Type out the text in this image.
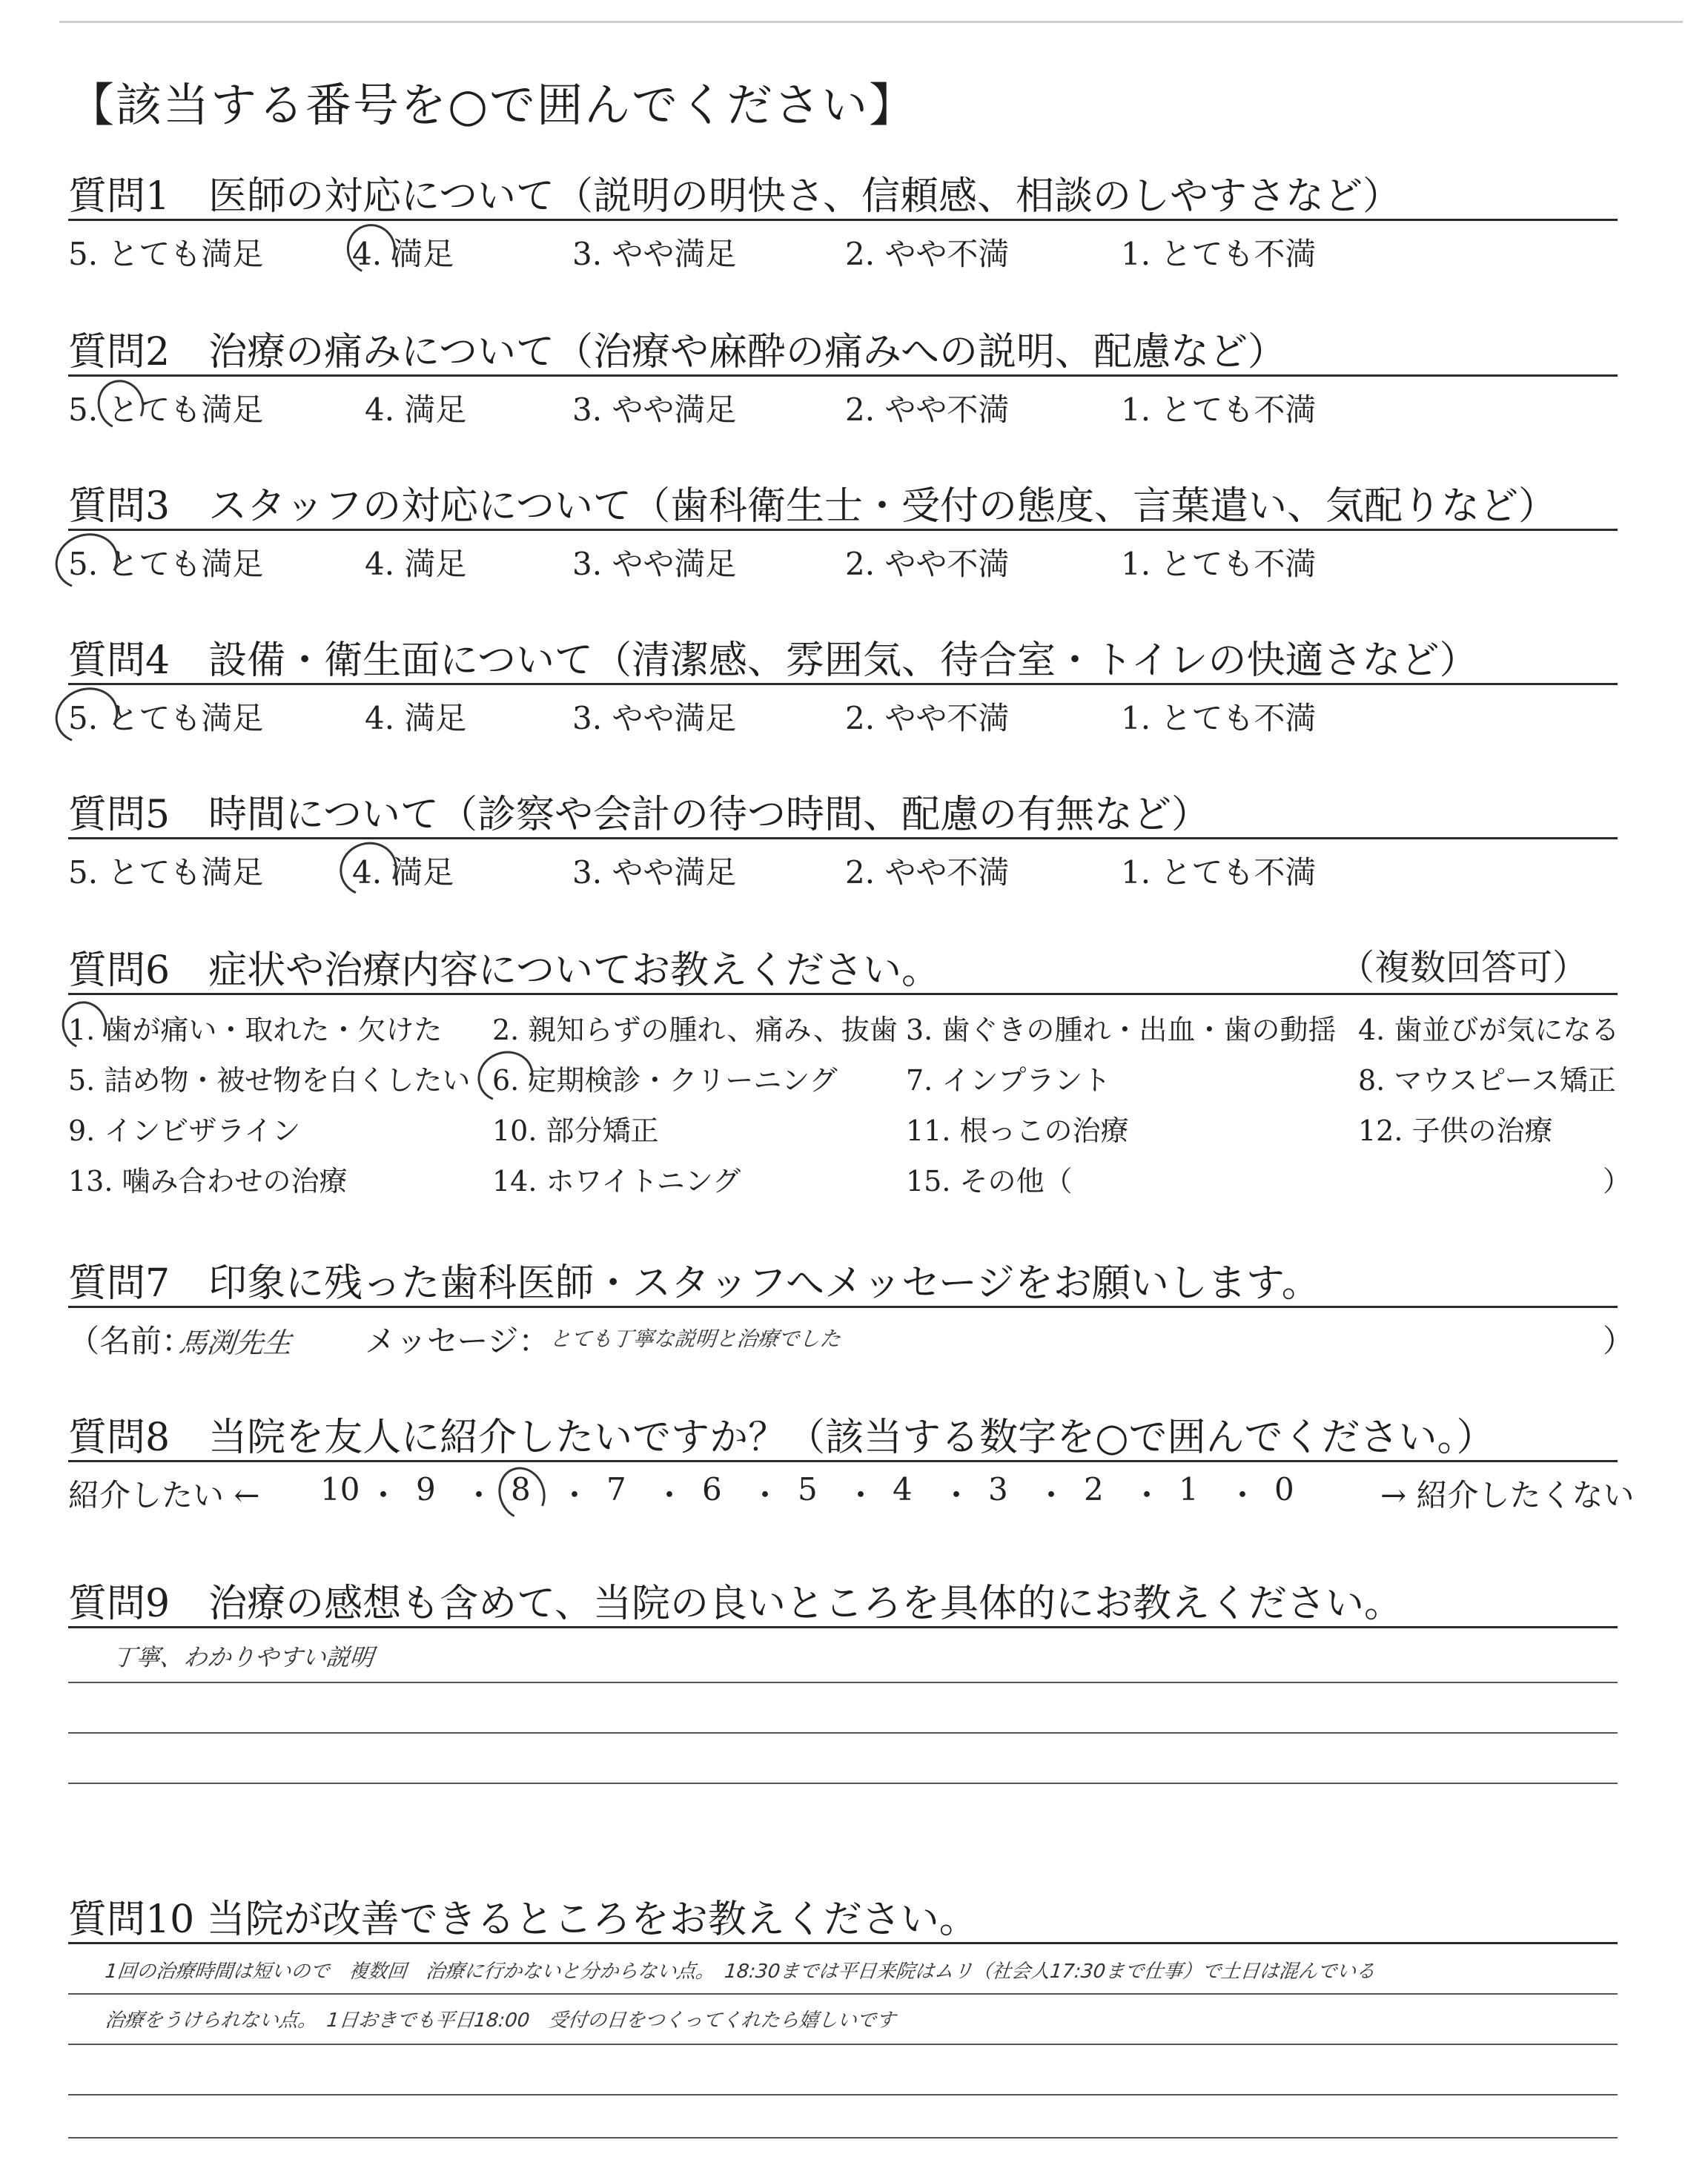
【該当する番号を○で囲んでください】
質問1　医師の対応について（説明の明快さ、信頼感、相談のしやすさなど）
5. とても満足	4. 満足	3. やや満足	2. やや不満	1. とても不満
質問2　治療の痛みについて（治療や麻酔の痛みへの説明、配慮など）
5. とても満足	4. 満足	3. やや満足	2. やや不満	1. とても不満
質問3　スタッフの対応について（歯科衛生士・受付の態度、言葉遣い、気配りなど）
5. とても満足	4. 満足	3. やや満足	2. やや不満	1. とても不満
質問4　設備・衛生面について（清潔感、雰囲気、待合室・トイレの快適さなど）
5. とても満足	4. 満足	3. やや満足	2. やや不満	1. とても不満
質問5　時間について（診察や会計の待つ時間、配慮の有無など）
5. とても満足	4. 満足	3. やや満足	2. やや不満	1. とても不満
質問6　症状や治療内容についてお教えください。	（複数回答可）
1. 歯が痛い・取れた・欠けた 2. 親知らずの腫れ、痛み、抜歯 3. 歯ぐきの腫れ・出血・歯の動揺 4. 歯並びが気になる
5. 詰め物・被せ物を白くしたい 6. 定期検診・クリーニング 7. インプラント	8. マウスピース矯正
9. インビザライン	10. 部分矯正	11. 根っこの治療	12. 子供の治療
13. 噛み合わせの治療	14. ホワイトニング	15. その他（	）
質問7　印象に残った歯科医師・スタッフへメッセージをお願いします。
（名前：
馬渕先生 メッセージ：
とても丁寧な説明と治療でした	）
質問8　当院を友人に紹介したいですか？（該当する数字を○で囲んでください。）
紹介したい ← 10 ・ 9 ・ 8 ・ 7 ・ 6 ・ 5 ・ 4 ・ 3 ・ 2 ・ 1 ・ 0	→ 紹介したくない
質問9　治療の感想も含めて、当院の良いところを具体的にお教えください。
丁寧、わかりやすい説明
質問10 当院が改善できるところをお教えください。
1回の治療時間は短いので　複数回　治療に行かないと分からない点。　18:30までは平日来院はムリ（社会人17:30まで仕事）で土日は混んでいる
治療をうけられない点。　1日おきでも平日18:00　受付の日をつくってくれたら嬉しいです
